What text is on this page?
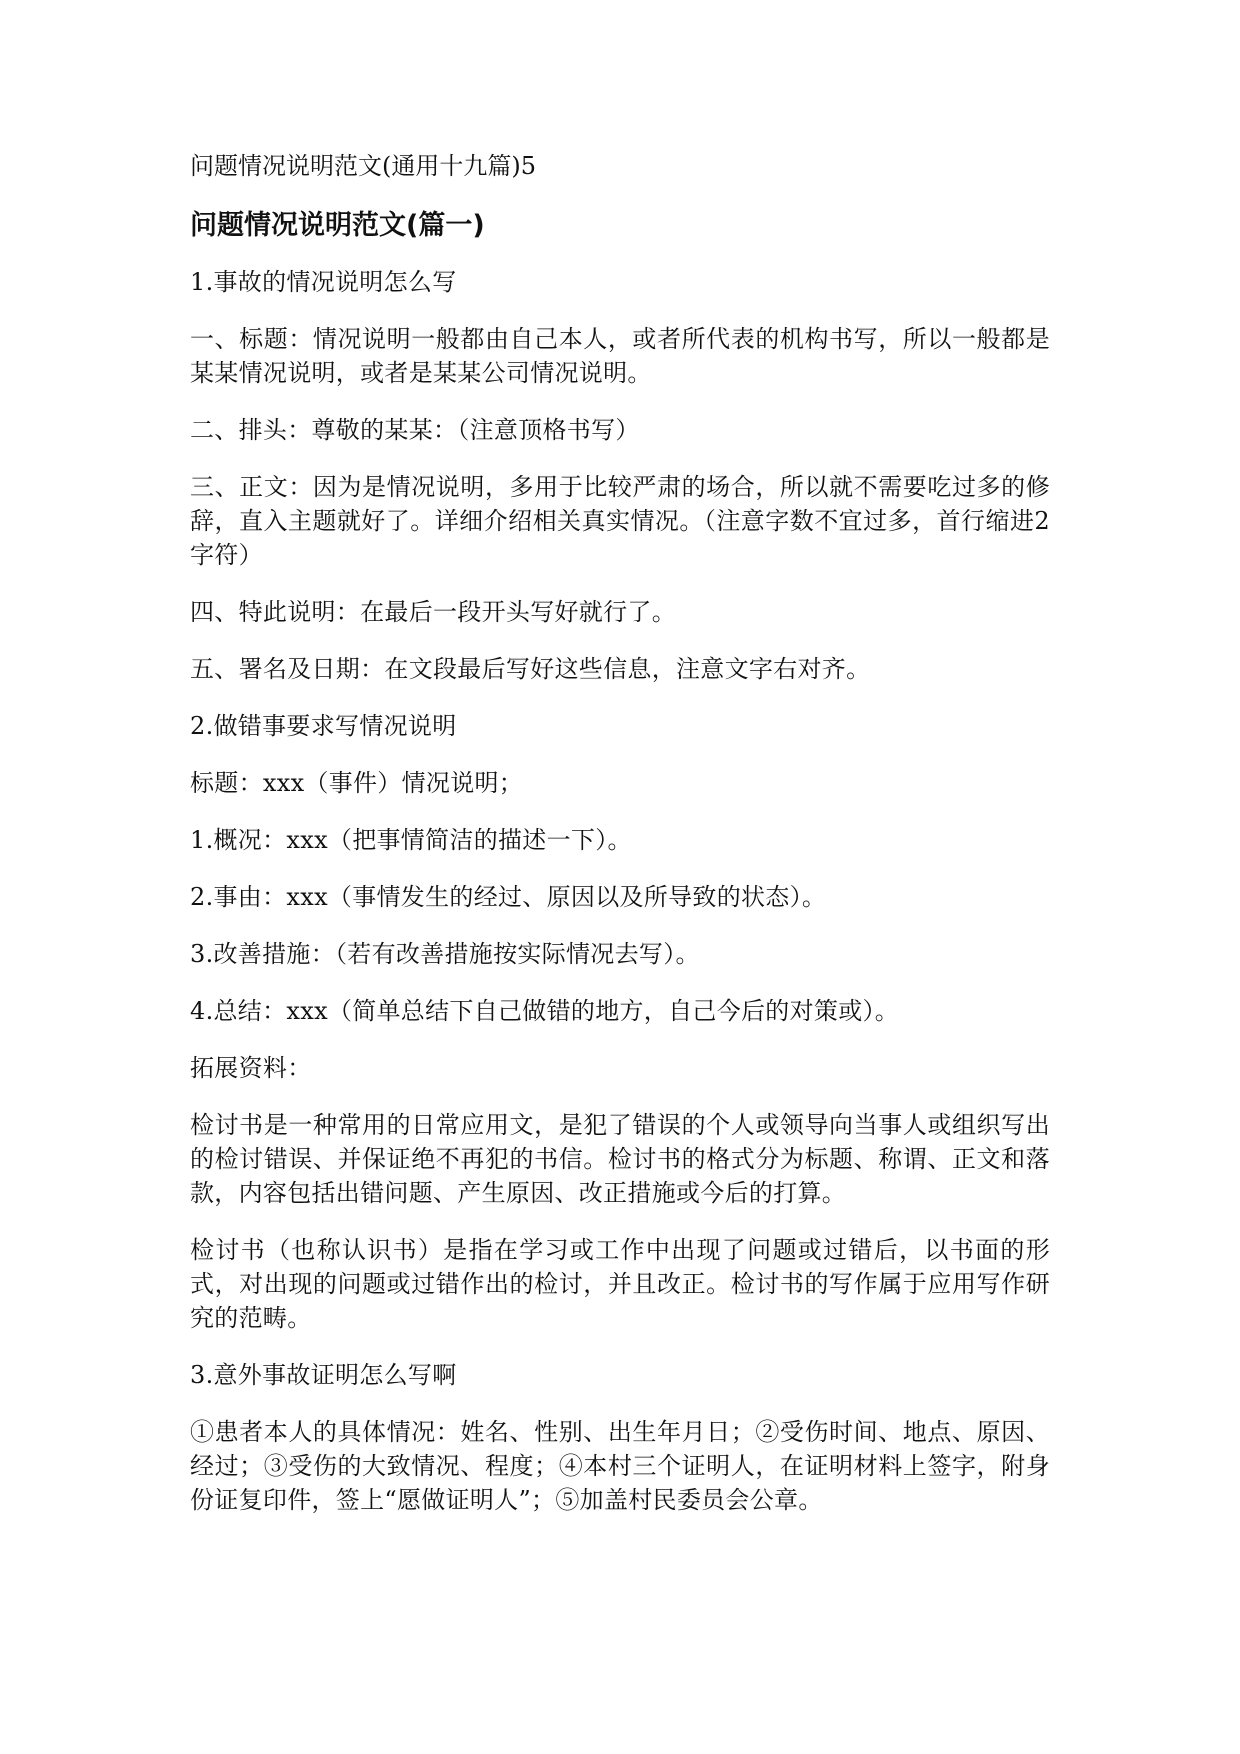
问题情况说明范文(通用十九篇)5
问题情况说明范文(篇一)

1.事故的情况说明怎么写

一、标题：情况说明一般都由自己本人，或者所代表的机构书写，所以一般都是某某情况说明，或者是某某公司情况说明。

二、排头：尊敬的某某：（注意顶格书写）

三、正文：因为是情况说明，多用于比较严肃的场合，所以就不需要吃过多的修辞，直入主题就好了。详细介绍相关真实情况。（注意字数不宜过多，首行缩进2字符）

四、特此说明：在最后一段开头写好就行了。

五、署名及日期：在文段最后写好这些信息，注意文字右对齐。

2.做错事要求写情况说明

标题：xxx（事件）情况说明；

1.概况：xxx（把事情简洁的描述一下）。

2.事由：xxx（事情发生的经过、原因以及所导致的状态）。

3.改善措施：（若有改善措施按实际情况去写）。

4.总结：xxx（简单总结下自己做错的地方，自己今后的对策或）。

拓展资料：

检讨书是一种常用的日常应用文，是犯了错误的个人或领导向当事人或组织写出的检讨错误、并保证绝不再犯的书信。检讨书的格式分为标题、称谓、正文和落款，内容包括出错问题、产生原因、改正措施或今后的打算。

检讨书（也称认识书）是指在学习或工作中出现了问题或过错后，以书面的形式，对出现的问题或过错作出的检讨，并且改正。检讨书的写作属于应用写作研究的范畴。

3.意外事故证明怎么写啊

①患者本人的具体情况：姓名、性别、出生年月日；②受伤时间、地点、原因、经过；③受伤的大致情况、程度；④本村三个证明人，在证明材料上签字，附身份证复印件，签上“愿做证明人”；⑤加盖村民委员会公章。
